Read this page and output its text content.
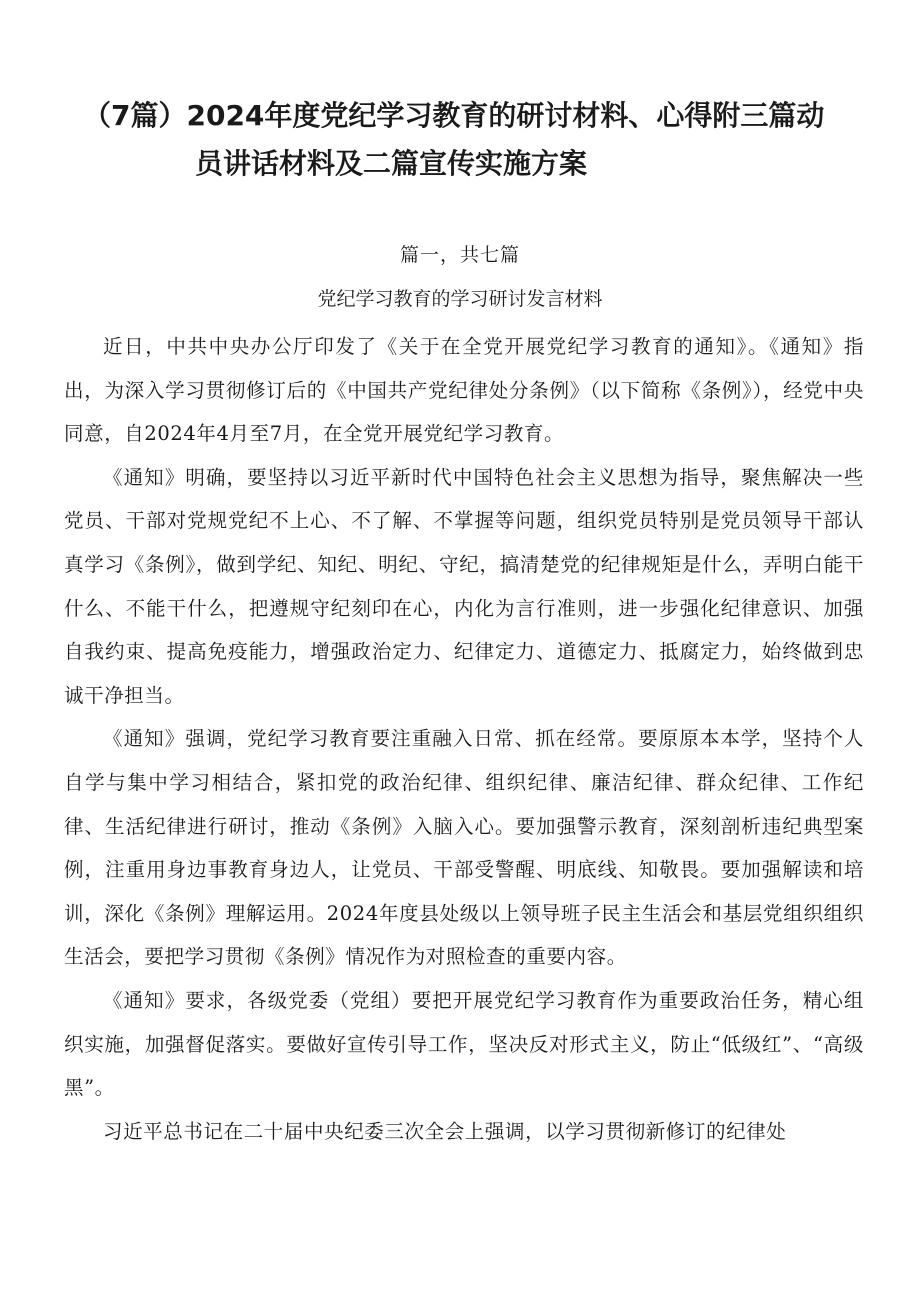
（7篇）2024年度党纪学习教育的研讨材料、心得附三篇动
员讲话材料及二篇宣传实施方案
篇一，共七篇
党纪学习教育的学习研讨发言材料

近日，中共中央办公厅印发了《关于在全党开展党纪学习教育的通知》。《通知》指出，为深入学习贯彻修订后的《中国共产党纪律处分条例》（以下简称《条例》），经党中央同意，自2024年4月至7月，在全党开展党纪学习教育。

《通知》明确，要坚持以习近平新时代中国特色社会主义思想为指导，聚焦解决一些党员、干部对党规党纪不上心、不了解、不掌握等问题，组织党员特别是党员领导干部认真学习《条例》，做到学纪、知纪、明纪、守纪，搞清楚党的纪律规矩是什么，弄明白能干什么、不能干什么，把遵规守纪刻印在心，内化为言行准则，进一步强化纪律意识、加强自我约束、提高免疫能力，增强政治定力、纪律定力、道德定力、抵腐定力，始终做到忠诚干净担当。

《通知》强调，党纪学习教育要注重融入日常、抓在经常。要原原本本学，坚持个人自学与集中学习相结合，紧扣党的政治纪律、组织纪律、廉洁纪律、群众纪律、工作纪律、生活纪律进行研讨，推动《条例》入脑入心。要加强警示教育，深刻剖析违纪典型案例，注重用身边事教育身边人，让党员、干部受警醒、明底线、知敬畏。要加强解读和培训，深化《条例》理解运用。2024年度县处级以上领导班子民主生活会和基层党组织组织生活会，要把学习贯彻《条例》情况作为对照检查的重要内容。

《通知》要求，各级党委（党组）要把开展党纪学习教育作为重要政治任务，精心组织实施，加强督促落实。要做好宣传引导工作，坚决反对形式主义，防止“低级红”、“高级黑”。

习近平总书记在二十届中央纪委三次全会上强调，以学习贯彻新修订的纪律处
